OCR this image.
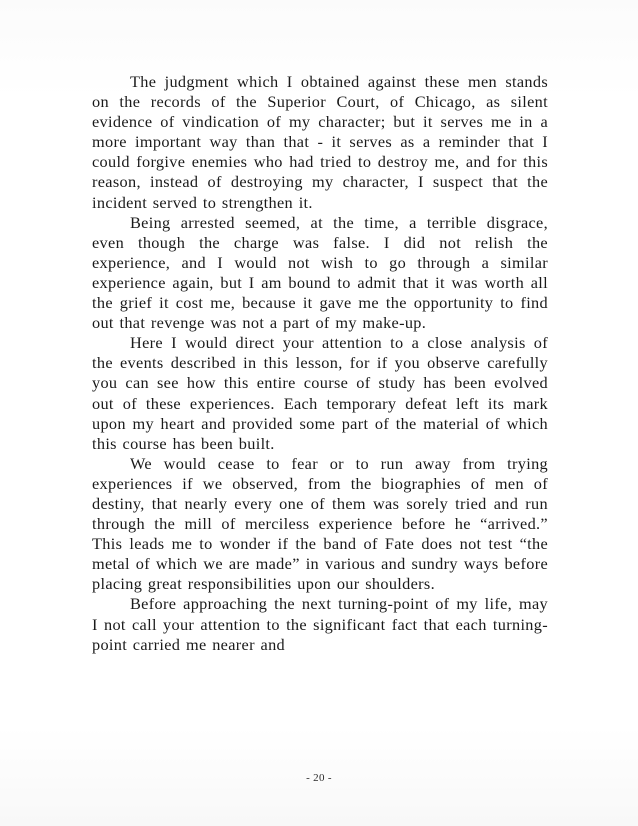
The judgment which I obtained against these men stands on the records of the Superior Court, of Chicago, as silent evidence of vindication of my character; but it serves me in a more important way than that - it serves as a reminder that I could forgive enemies who had tried to destroy me, and for this reason, instead of destroying my character, I suspect that the incident served to strengthen it.

Being arrested seemed, at the time, a terrible disgrace, even though the charge was false. I did not relish the experience, and I would not wish to go through a similar experience again, but I am bound to admit that it was worth all the grief it cost me, because it gave me the opportunity to find out that revenge was not a part of my make-up.

Here I would direct your attention to a close analysis of the events described in this lesson, for if you observe carefully you can see how this entire course of study has been evolved out of these experiences. Each temporary defeat left its mark upon my heart and provided some part of the material of which this course has been built.

We would cease to fear or to run away from trying experiences if we observed, from the biographies of men of destiny, that nearly every one of them was sorely tried and run through the mill of merciless experience before he “arrived.” This leads me to wonder if the band of Fate does not test “the metal of which we are made” in various and sundry ways before placing great responsibilities upon our shoulders.

Before approaching the next turning-point of my life, may I not call your attention to the significant fact that each turning-point carried me nearer and

- 20 -
